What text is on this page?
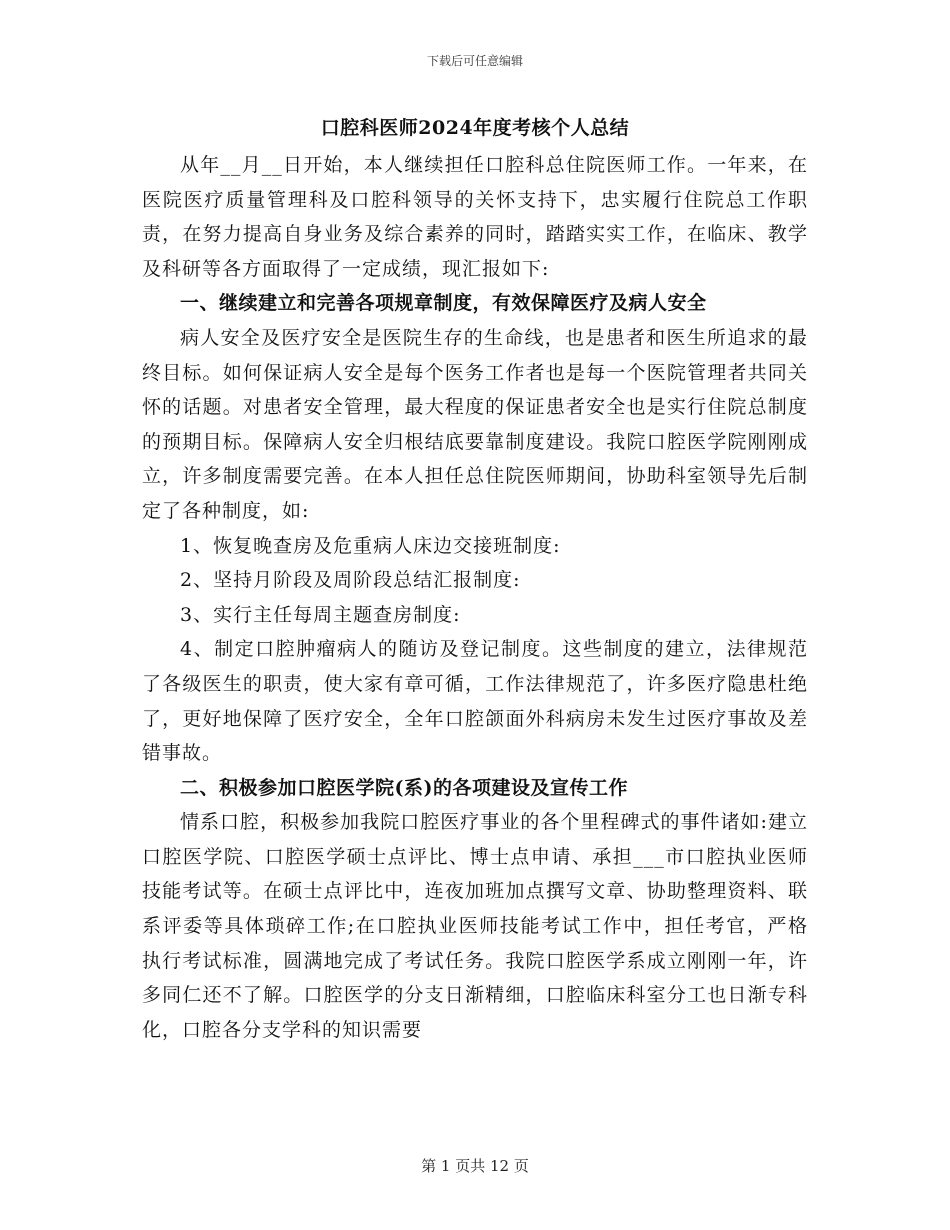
下载后可任意编辑
口腔科医师2024年度考核个人总结

从年__月__日开始，本人继续担任口腔科总住院医师工作。一年来，在医院医疗质量管理科及口腔科领导的关怀支持下，忠实履行住院总工作职责，在努力提高自身业务及综合素养的同时，踏踏实实工作，在临床、教学及科研等各方面取得了一定成绩，现汇报如下:

一、继续建立和完善各项规章制度，有效保障医疗及病人安全

病人安全及医疗安全是医院生存的生命线，也是患者和医生所追求的最终目标。如何保证病人安全是每个医务工作者也是每一个医院管理者共同关怀的话题。对患者安全管理，最大程度的保证患者安全也是实行住院总制度的预期目标。保障病人安全归根结底要靠制度建设。我院口腔医学院刚刚成立，许多制度需要完善。在本人担任总住院医师期间，协助科室领导先后制定了各种制度，如:

1、恢复晚查房及危重病人床边交接班制度:

2、坚持月阶段及周阶段总结汇报制度:

3、实行主任每周主题查房制度:

4、制定口腔肿瘤病人的随访及登记制度。这些制度的建立，法律规范了各级医生的职责，使大家有章可循，工作法律规范了，许多医疗隐患杜绝了，更好地保障了医疗安全，全年口腔颌面外科病房未发生过医疗事故及差错事故。

二、积极参加口腔医学院(系)的各项建设及宣传工作

情系口腔，积极参加我院口腔医疗事业的各个里程碑式的事件诸如:建立口腔医学院、口腔医学硕士点评比、博士点申请、承担___市口腔执业医师技能考试等。在硕士点评比中，连夜加班加点撰写文章、协助整理资料、联系评委等具体琐碎工作;在口腔执业医师技能考试工作中，担任考官，严格执行考试标准，圆满地完成了考试任务。我院口腔医学系成立刚刚一年，许多同仁还不了解。口腔医学的分支日渐精细，口腔临床科室分工也日渐专科化，口腔各分支学科的知识需要

第 1 页共 12 页
